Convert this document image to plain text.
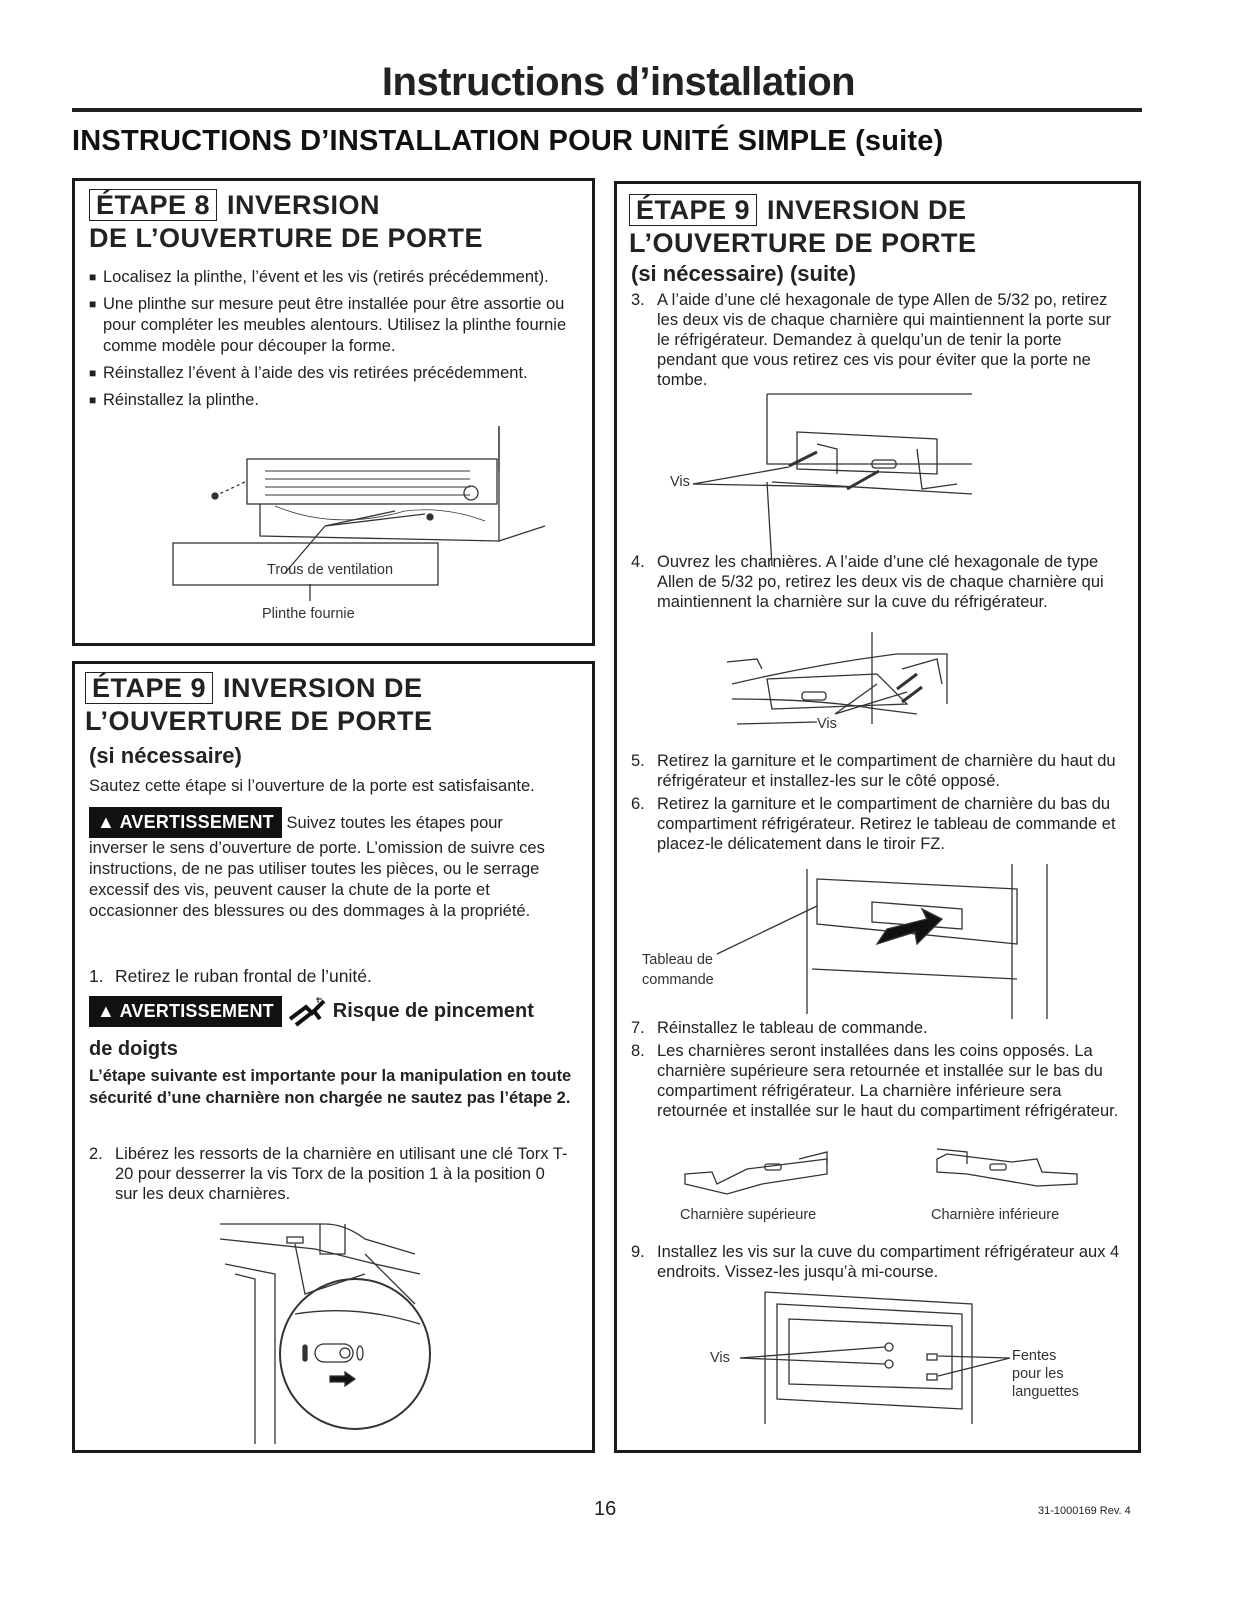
Instructions d’installation
INSTRUCTIONS D’INSTALLATION POUR UNITÉ SIMPLE (suite)
ÉTAPE 8 INVERSION
DE L’OUVERTURE DE PORTE
■ Localisez la plinthe, l’évent et les vis (retirés précédemment).
■ Une plinthe sur mesure peut être installée pour être assortie ou pour compléter les meubles alentours. Utilisez la plinthe fournie comme modèle pour découper la forme.
■ Réinstallez l’évent à l’aide des vis retirées précédemment.
■ Réinstallez la plinthe.
Trous de ventilation
Plinthe fournie
ÉTAPE 9 INVERSION DE
L’OUVERTURE DE PORTE
(si nécessaire)
Sautez cette étape si l’ouverture de la porte est satisfaisante.
▲ AVERTISSEMENT Suivez toutes les étapes pour
inverser le sens d’ouverture de porte. L’omission de suivre ces instructions, de ne pas utiliser toutes les pièces, ou le serrage excessif des vis, peuvent causer la chute de la porte et occasionner des blessures ou des dommages à la propriété.
1. Retirez le ruban frontal de l’unité.
▲ AVERTISSEMENT	Risque de pincement
de doigts
L’étape suivante est importante pour la manipulation en toute sécurité d’une charnière non chargée ne sautez pas l’étape 2.
2. Libérez les ressorts de la charnière en utilisant une clé Torx T-20 pour desserrer la vis Torx de la position 1 à la position 0 sur les deux charnières.
ÉTAPE 9 INVERSION DE
L’OUVERTURE DE PORTE
(si nécessaire) (suite)
3. A l’aide d’une clé hexagonale de type Allen de 5/32 po, retirez les deux vis de chaque charnière qui maintiennent la porte sur le réfrigérateur. Demandez à quelqu’un de tenir la porte pendant que vous retirez ces vis pour éviter que la porte ne tombe.
Vis
4. Ouvrez les charnières. A l’aide d’une clé hexagonale de type Allen de 5/32 po, retirez les deux vis de chaque charnière qui maintiennent la charnière sur la cuve du réfrigérateur.
Vis
5. Retirez la garniture et le compartiment de charnière du haut du réfrigérateur et installez-les sur le côté opposé.
6. Retirez la garniture et le compartiment de charnière du bas du compartiment réfrigérateur. Retirez le tableau de commande et placez-le délicatement dans le tiroir FZ.
Tableau de
commande
7. Réinstallez le tableau de commande.
8. Les charnières seront installées dans les coins opposés. La charnière supérieure sera retournée et installée sur le bas du compartiment réfrigérateur. La charnière inférieure sera retournée et installée sur le haut du compartiment réfrigérateur.
Charnière supérieure	Charnière inférieure
9. Installez les vis sur la cuve du compartiment réfrigérateur aux 4 endroits. Vissez-les jusqu’à mi-course.
Vis	Fentes
pour les
languettes
16	31-1000169 Rev. 4
